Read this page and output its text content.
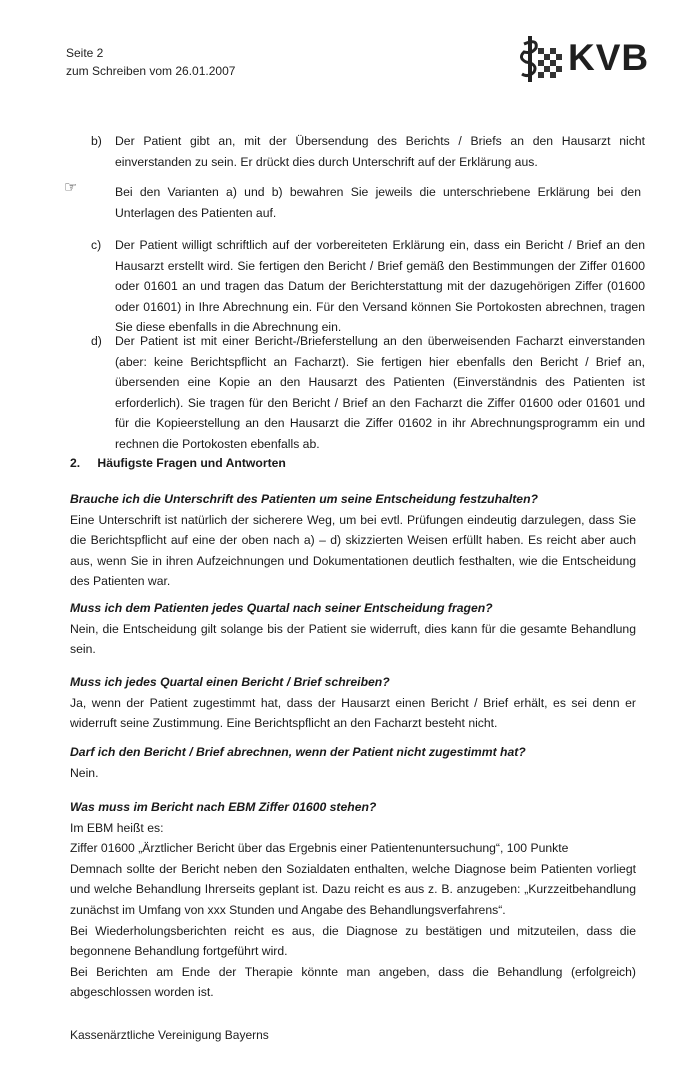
Seite 2
zum Schreiben vom 26.01.2007	KVB
b) Der Patient gibt an, mit der Übersendung des Berichts / Briefs an den Hausarzt nicht einverstanden zu sein. Er drückt dies durch Unterschrift auf der Erklärung aus.
☞	Bei den Varianten a) und b) bewahren Sie jeweils die unterschriebene Erklärung bei den Unterlagen des Patienten auf.
c) Der Patient willigt schriftlich auf der vorbereiteten Erklärung ein, dass ein Bericht / Brief an den Hausarzt erstellt wird. Sie fertigen den Bericht / Brief gemäß den Bestimmungen der Ziffer 01600 oder 01601 an und tragen das Datum der Berichterstattung mit der dazugehörigen Ziffer (01600 oder 01601) in Ihre Abrechnung ein. Für den Versand können Sie Portokosten abrechnen, tragen Sie diese ebenfalls in die Abrechnung ein.
d) Der Patient ist mit einer Bericht-/Brieferstellung an den überweisenden Facharzt einverstanden (aber: keine Berichtspflicht an Facharzt). Sie fertigen hier ebenfalls den Bericht / Brief an, übersenden eine Kopie an den Hausarzt des Patienten (Einverständnis des Patienten ist erforderlich). Sie tragen für den Bericht / Brief an den Facharzt die Ziffer 01600 oder 01601 und für die Kopieerstellung an den Hausarzt die Ziffer 01602 in ihr Abrechnungsprogramm ein und rechnen die Portokosten ebenfalls ab.
2. Häufigste Fragen und Antworten
Brauche ich die Unterschrift des Patienten um seine Entscheidung festzuhalten?
Eine Unterschrift ist natürlich der sicherere Weg, um bei evtl. Prüfungen eindeutig darzulegen, dass Sie die Berichtspflicht auf eine der oben nach a) – d) skizzierten Weisen erfüllt haben. Es reicht aber auch aus, wenn Sie in ihren Aufzeichnungen und Dokumentationen deutlich festhalten, wie die Entscheidung des Patienten war.
Muss ich dem Patienten jedes Quartal nach seiner Entscheidung fragen?
Nein, die Entscheidung gilt solange bis der Patient sie widerruft, dies kann für die gesamte Behandlung sein.
Muss ich jedes Quartal einen Bericht / Brief schreiben?
Ja, wenn der Patient zugestimmt hat, dass der Hausarzt einen Bericht / Brief erhält, es sei denn er widerruft seine Zustimmung. Eine Berichtspflicht an den Facharzt besteht nicht.
Darf ich den Bericht / Brief abrechnen, wenn der Patient nicht zugestimmt hat?
Nein.
Was muss im Bericht nach EBM Ziffer 01600 stehen?
Im EBM heißt es:
Ziffer 01600 „Ärztlicher Bericht über das Ergebnis einer Patientenuntersuchung“, 100 Punkte
Demnach sollte der Bericht neben den Sozialdaten enthalten, welche Diagnose beim Patienten vorliegt und welche Behandlung Ihrerseits geplant ist. Dazu reicht es aus z. B. anzugeben: „Kurzzeitbehandlung zunächst im Umfang von xxx Stunden und Angabe des Behandlungsverfahrens“.
Bei Wiederholungsberichten reicht es aus, die Diagnose zu bestätigen und mitzuteilen, dass die begonnene Behandlung fortgeführt wird.
Bei Berichten am Ende der Therapie könnte man angeben, dass die Behandlung (erfolgreich) abgeschlossen worden ist.
Kassenärztliche Vereinigung Bayerns
